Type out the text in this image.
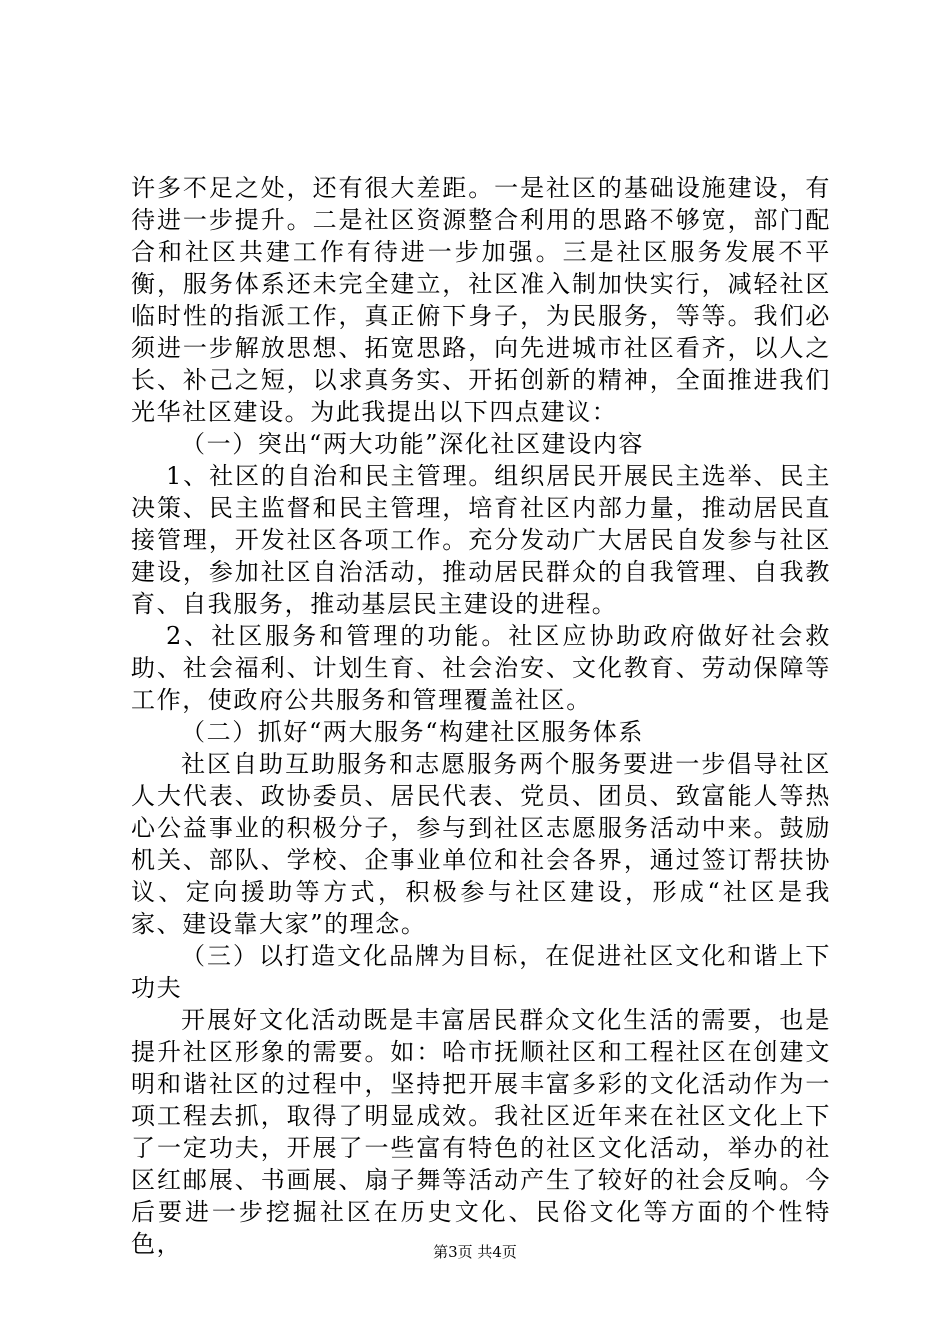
许多不足之处，还有很大差距。一是社区的基础设施建设，有待进一步提升。二是社区资源整合利用的思路不够宽，部门配合和社区共建工作有待进一步加强。三是社区服务发展不平衡，服务体系还未完全建立，社区准入制加快实行，减轻社区临时性的指派工作，真正俯下身子，为民服务，等等。我们必须进一步解放思想、拓宽思路，向先进城市社区看齐，以人之长、补己之短，以求真务实、开拓创新的精神，全面推进我们光华社区建设。为此我提出以下四点建议：

（一）突出“两大功能”深化社区建设内容

1、社区的自治和民主管理。组织居民开展民主选举、民主决策、民主监督和民主管理，培育社区内部力量，推动居民直接管理，开发社区各项工作。充分发动广大居民自发参与社区建设，参加社区自治活动，推动居民群众的自我管理、自我教育、自我服务，推动基层民主建设的进程。

2、社区服务和管理的功能。社区应协助政府做好社会救助、社会福利、计划生育、社会治安、文化教育、劳动保障等工作，使政府公共服务和管理覆盖社区。

（二）抓好“两大服务“构建社区服务体系

社区自助互助服务和志愿服务两个服务要进一步倡导社区人大代表、政协委员、居民代表、党员、团员、致富能人等热心公益事业的积极分子，参与到社区志愿服务活动中来。鼓励机关、部队、学校、企事业单位和社会各界，通过签订帮扶协议、定向援助等方式，积极参与社区建设，形成“社区是我家、建设靠大家”的理念。

（三）以打造文化品牌为目标，在促进社区文化和谐上下功夫

开展好文化活动既是丰富居民群众文化生活的需要，也是提升社区形象的需要。如：哈市抚顺社区和工程社区在创建文明和谐社区的过程中，坚持把开展丰富多彩的文化活动作为一项工程去抓，取得了明显成效。我社区近年来在社区文化上下了一定功夫，开展了一些富有特色的社区文化活动，举办的社区红邮展、书画展、扇子舞等活动产生了较好的社会反响。今后要进一步挖掘社区在历史文化、民俗文化等方面的个性特色，	第3页 共4页
